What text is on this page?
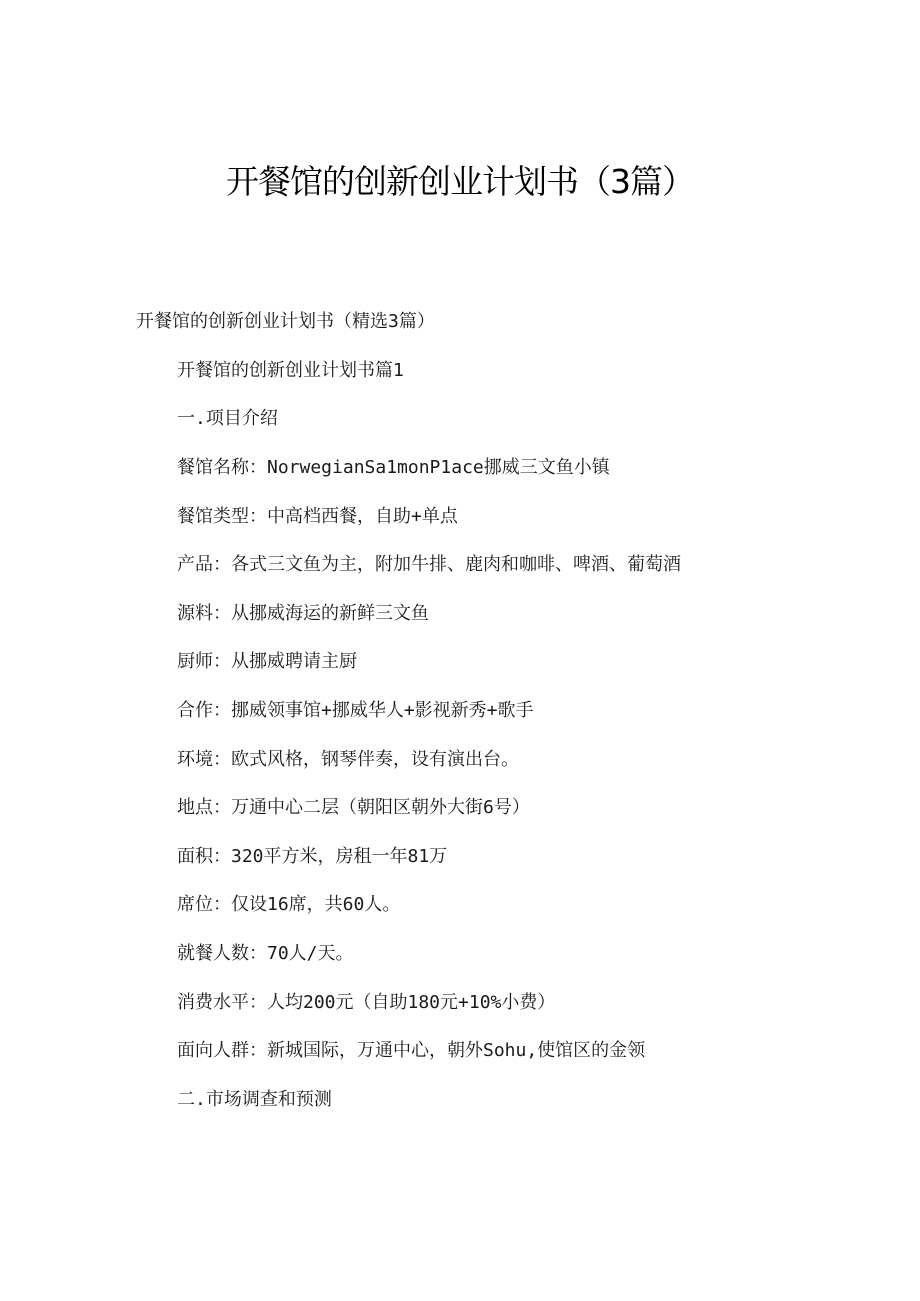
开餐馆的创新创业计划书（3篇）

开餐馆的创新创业计划书（精选3篇）

开餐馆的创新创业计划书篇1

一.项目介绍

餐馆名称：NorwegianSa1monP1ace挪威三文鱼小镇

餐馆类型：中高档西餐，自助+单点

产品：各式三文鱼为主，附加牛排、鹿肉和咖啡、啤酒、葡萄酒

源料：从挪威海运的新鲜三文鱼

厨师：从挪威聘请主厨

合作：挪威领事馆+挪威华人+影视新秀+歌手

环境：欧式风格，钢琴伴奏，设有演出台。

地点：万通中心二层（朝阳区朝外大街6号）

面积：320平方米，房租一年81万

席位：仅设16席，共60人。

就餐人数：70人/天。

消费水平：人均200元（自助180元+10%小费）

面向人群：新城国际，万通中心，朝外Sohu,使馆区的金领

二.市场调查和预测
